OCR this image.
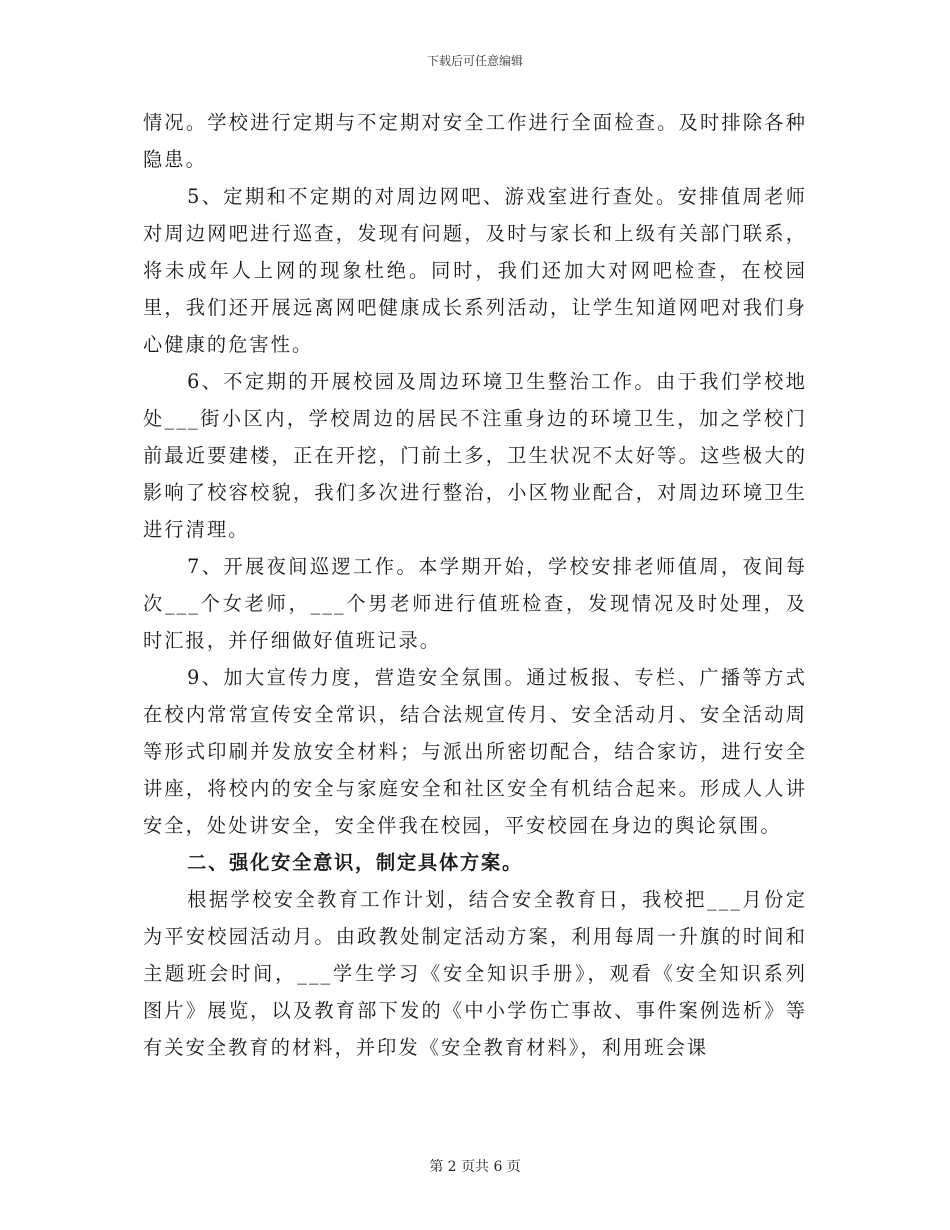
下载后可任意编辑

情况。学校进行定期与不定期对安全工作进行全面检查。及时排除各种隐患。

5、定期和不定期的对周边网吧、游戏室进行查处。安排值周老师对周边网吧进行巡查，发现有问题，及时与家长和上级有关部门联系，将未成年人上网的现象杜绝。同时，我们还加大对网吧检查，在校园里，我们还开展远离网吧健康成长系列活动，让学生知道网吧对我们身心健康的危害性。

6、不定期的开展校园及周边环境卫生整治工作。由于我们学校地处___街小区内，学校周边的居民不注重身边的环境卫生，加之学校门前最近要建楼，正在开挖，门前土多，卫生状况不太好等。这些极大的影响了校容校貌，我们多次进行整治，小区物业配合，对周边环境卫生进行清理。

7、开展夜间巡逻工作。本学期开始，学校安排老师值周，夜间每次___个女老师，___个男老师进行值班检查，发现情况及时处理，及时汇报，并仔细做好值班记录。

9、加大宣传力度，营造安全氛围。通过板报、专栏、广播等方式在校内常常宣传安全常识，结合法规宣传月、安全活动月、安全活动周等形式印刷并发放安全材料；与派出所密切配合，结合家访，进行安全讲座，将校内的安全与家庭安全和社区安全有机结合起来。形成人人讲安全，处处讲安全，安全伴我在校园，平安校园在身边的舆论氛围。

二、强化安全意识，制定具体方案。

根据学校安全教育工作计划，结合安全教育日，我校把___月份定为平安校园活动月。由政教处制定活动方案，利用每周一升旗的时间和主题班会时间，___学生学习《安全知识手册》，观看《安全知识系列图片》展览，以及教育部下发的《中小学伤亡事故、事件案例选析》等有关安全教育的材料，并印发《安全教育材料》，利用班会课

第 2 页共 6 页
